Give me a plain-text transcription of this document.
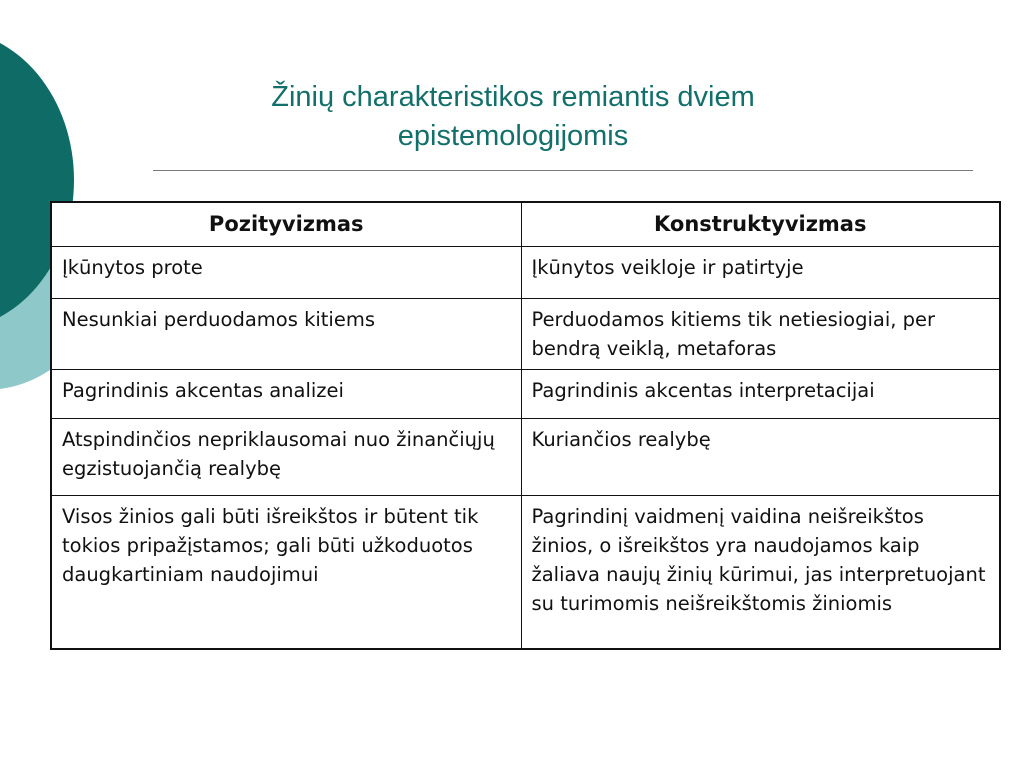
Žinių charakteristikos remiantis dviem
epistemologijomis
Pozityvizmas	Konstruktyvizmas
Įkūnytos prote	Įkūnytos veikloje ir patirtyje
Nesunkiai perduodamos kitiems	Perduodamos kitiems tik netiesiogiai, per bendrą veiklą, metaforas
Pagrindinis akcentas analizei	Pagrindinis akcentas interpretacijai
Atspindinčios nepriklausomai nuo žinančiųjų egzistuojančią realybę	Kuriančios realybę
Visos žinios gali būti išreikštos ir būtent tik tokios pripažįstamos; gali būti užkoduotos daugkartiniam naudojimui	Pagrindinį vaidmenį vaidina neišreikštos žinios, o išreikštos yra naudojamos kaip žaliava naujų žinių kūrimui, jas interpretuojant su turimomis neišreikštomis žiniomis
